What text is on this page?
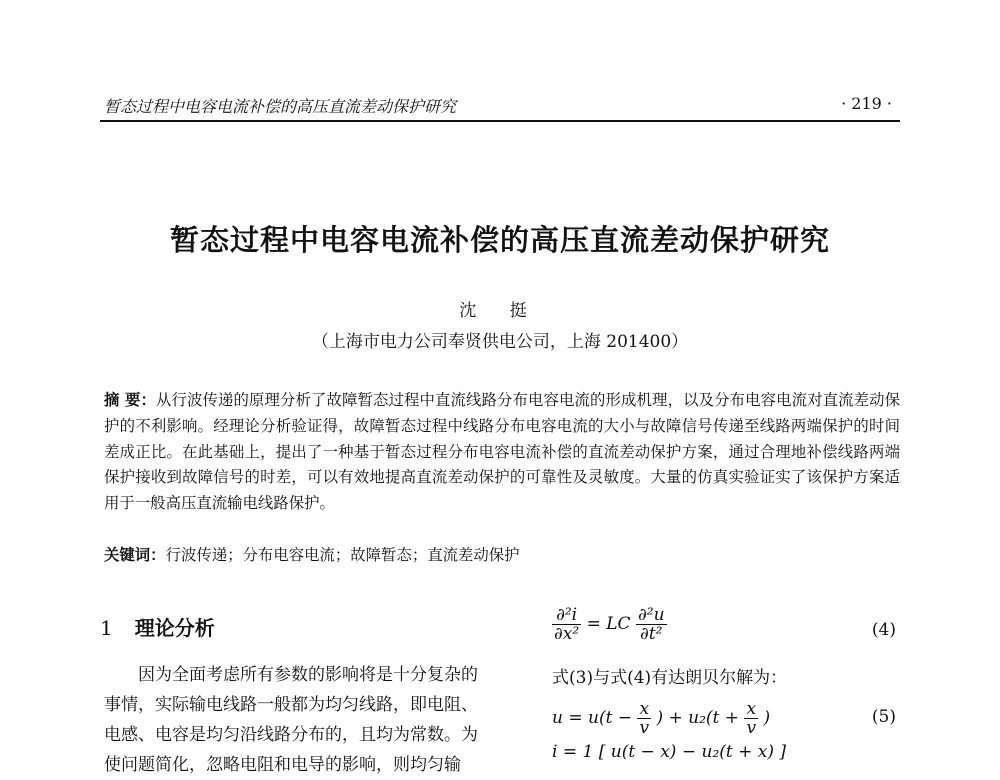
暂态过程中电容电流补偿的高压直流差动保护研究	· 219 ·
暂态过程中电容电流补偿的高压直流差动保护研究
沈 挺
（上海市电力公司奉贤供电公司，上海 201400）
摘 要：从行波传递的原理分析了故障暂态过程中直流线路分布电容电流的形成机理，以及分布电容电流对直流差动保护的不利影响。经理论分析验证得，故障暂态过程中线路分布电容电流的大小与故障信号传递至线路两端保护的时间差成正比。在此基础上，提出了一种基于暂态过程分布电容电流补偿的直流差动保护方案，通过合理地补偿线路两端保护接收到故障信号的时差，可以有效地提高直流差动保护的可靠性及灵敏度。大量的仿真实验证实了该保护方案适用于一般高压直流输电线路保护。
关键词：行波传递；分布电容电流；故障暂态；直流差动保护
1 理论分析
因为全面考虑所有参数的影响将是十分复杂的事情，实际输电线路一般都为均匀线路，即电阻、电感、电容是均匀沿线路分布的，且均为常数。为使问题简化，忽略电阻和电导的影响，则均匀输
$\frac{\text{∂²i}}{\text{∂x²}}$ = LC $\frac{\text{∂²u}}{\text{∂t²}}$	(4)
式(3)与式(4)有达朗贝尔解为：
$u = u(t - \frac{x}{v}$ ) + $u_2(t + \frac{x}{v}$ )	(5)
i = 1 [ u(t − x) − u₂(t + x) ]
